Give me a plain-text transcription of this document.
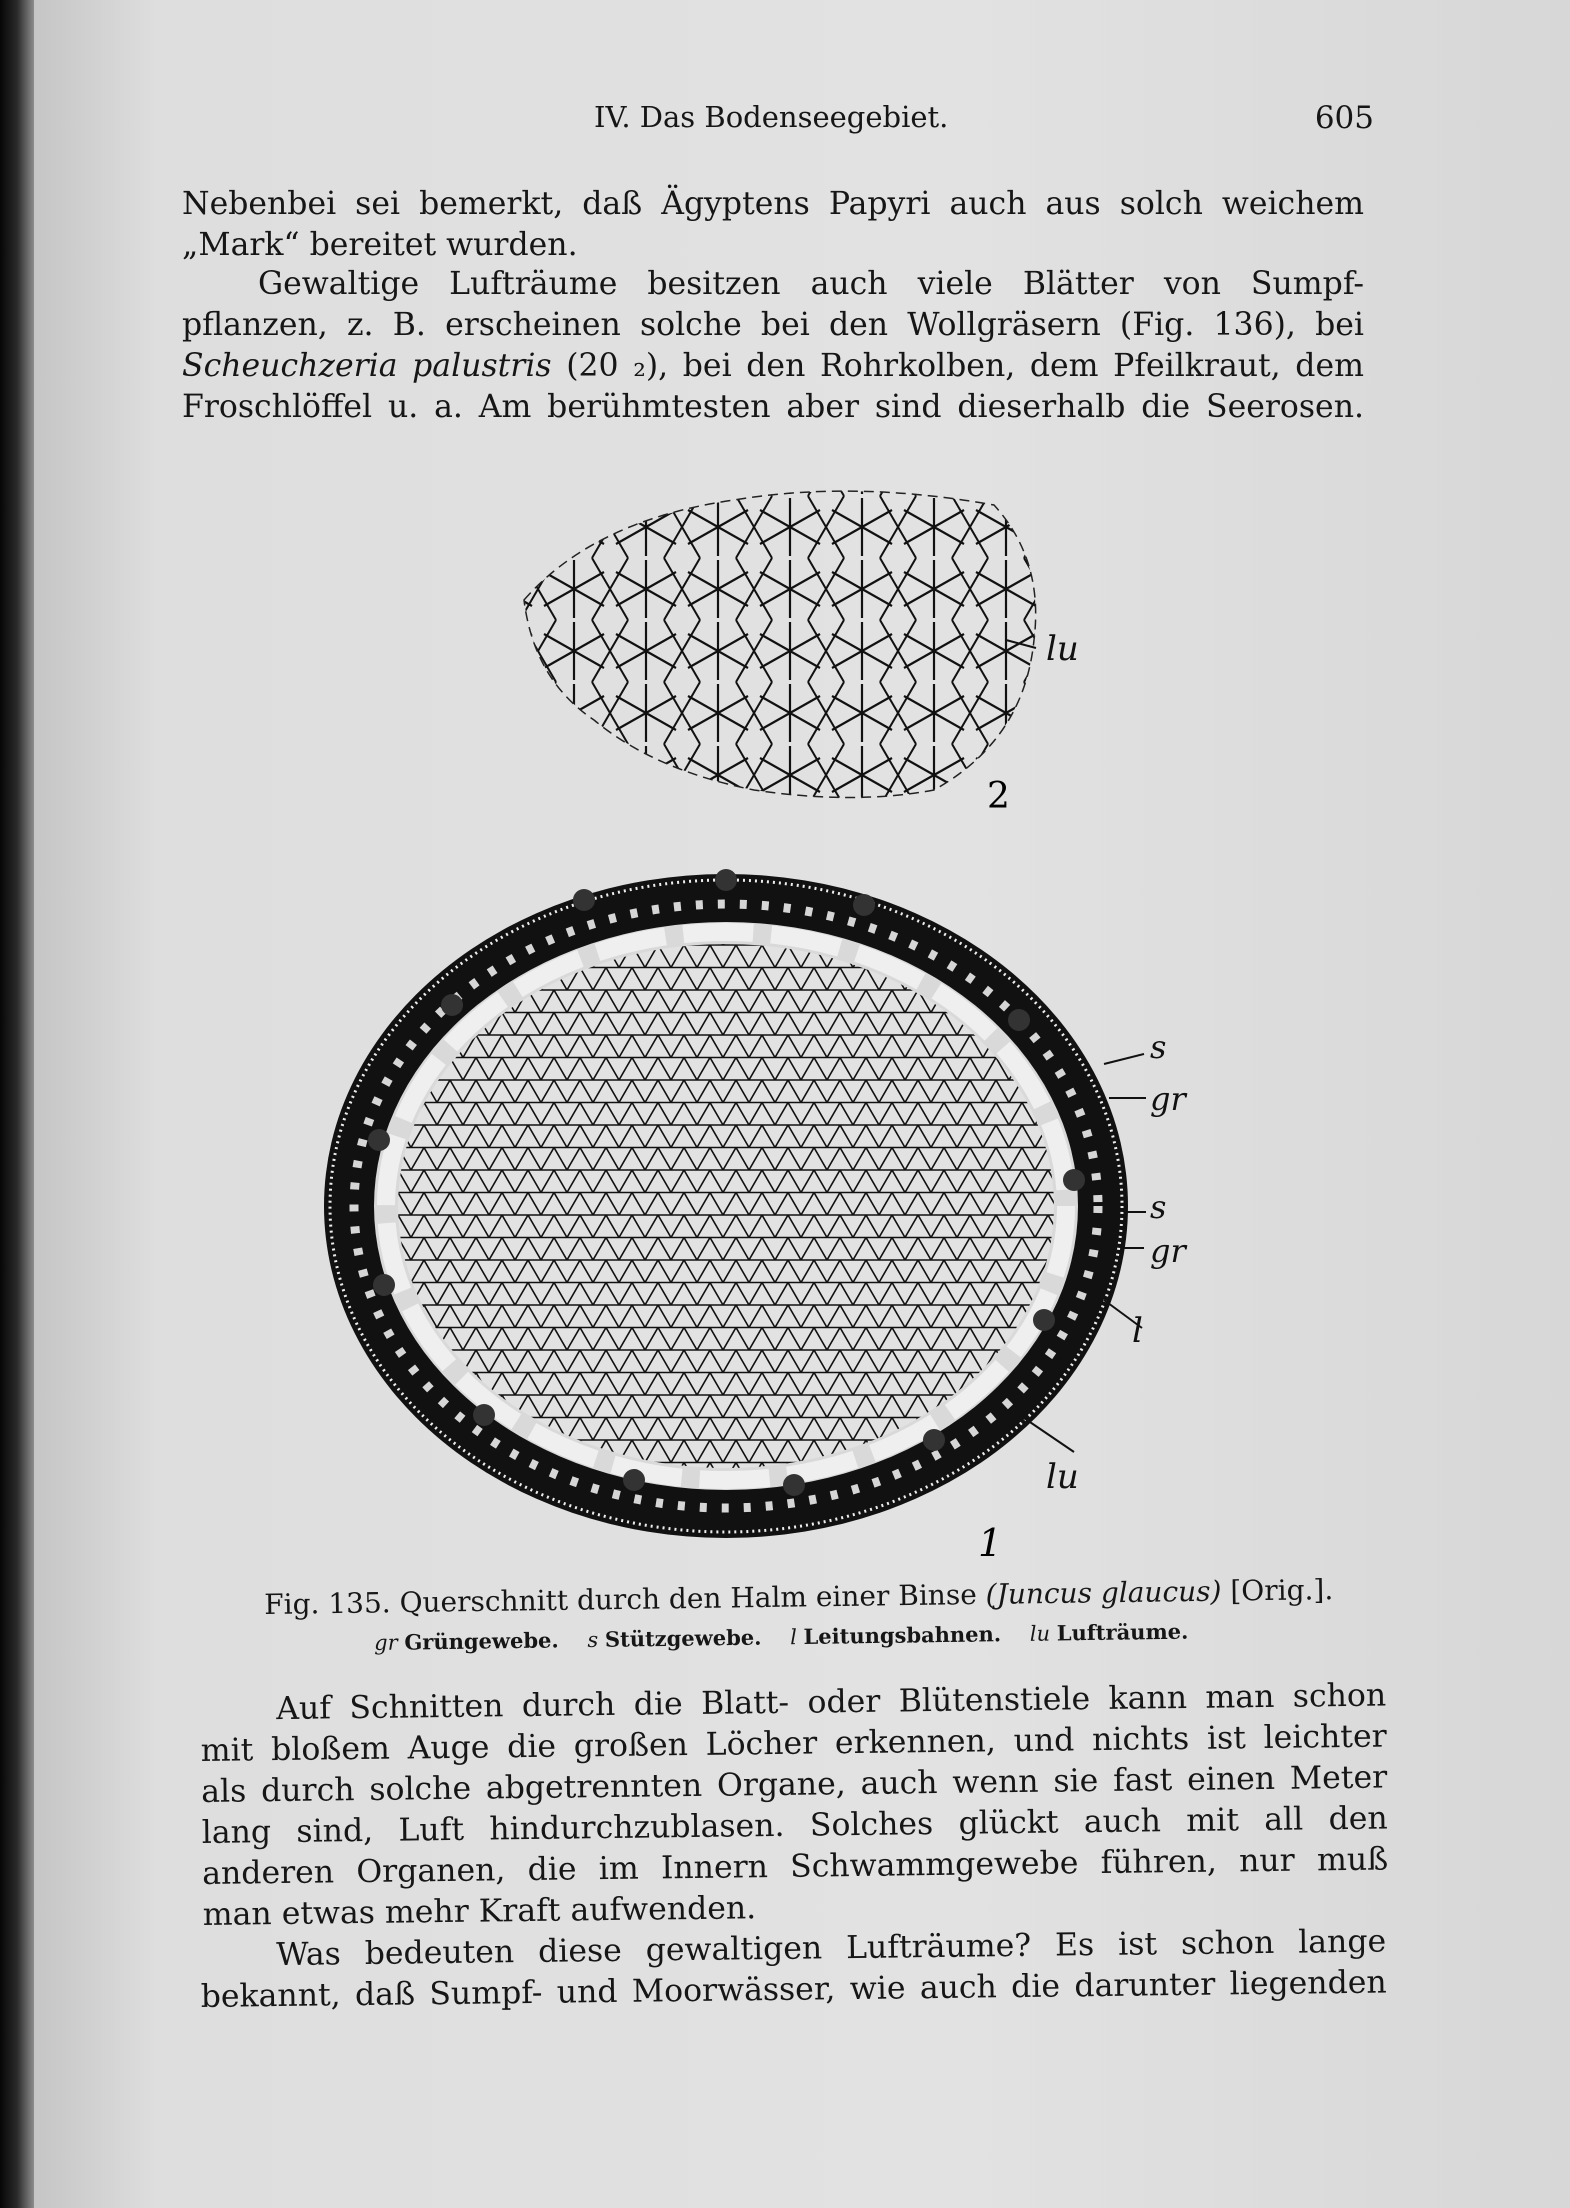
IV. Das Bodenseegebiet.	605

Nebenbei sei bemerkt, daß Ägyptens Papyri auch aus solch weichem
„Mark“ bereitet wurden.

Gewaltige Lufträume besitzen auch viele Blätter von Sumpf-
pflanzen, z. B. erscheinen solche bei den Wollgräsern (Fig. 136), bei
Scheuchzeria palustris (20 ₂), bei den Rohrkolben, dem Pfeilkraut, dem
Froschlöffel u. a. Am berühmtesten aber sind dieserhalb die Seerosen.

lu
2
s
gr
s
gr
l
lu
1
Fig. 135. Querschnitt durch den Halm einer Binse (Juncus glaucus) [Orig.].
gr Grüngewebe. s Stützgewebe. l Leitungsbahnen. lu Lufträume.

Auf Schnitten durch die Blatt- oder Blütenstiele kann man schon
mit bloßem Auge die großen Löcher erkennen, und nichts ist leichter
als durch solche abgetrennten Organe, auch wenn sie fast einen Meter
lang sind, Luft hindurchzublasen. Solches glückt auch mit all den
anderen Organen, die im Innern Schwammgewebe führen, nur muß
man etwas mehr Kraft aufwenden.

Was bedeuten diese gewaltigen Lufträume? Es ist schon lange
bekannt, daß Sumpf- und Moorwässer, wie auch die darunter liegenden
